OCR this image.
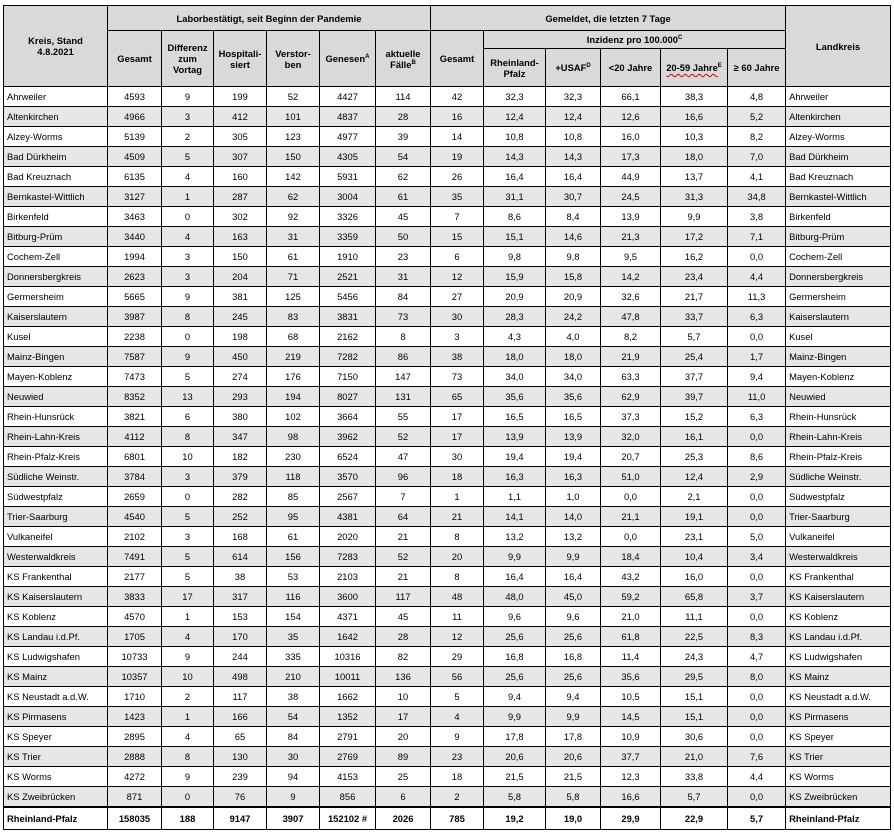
Kreis, Stand
4.8.2021	Laborbestätigt, seit Beginn der Pandemie						Gemeldet, die letzten 7 Tage						Landkreis
	Gesamt	Differenz zum Vortag	Hospitali-siert	Verstor-ben	Genesen$^A$	aktuelle Fälle$^B$	Gesamt	Inzidenz pro $100.000^C$
								Rheinland-Pfalz	$+USAF^D$	<20 Jahre	20-59 Jahre$^E$	≥ 60 Jahre	
Ahrweiler	4593	9	199	52	4427	114	42	32,3	32,3	66,1	38,3	4,8	Ahrweiler
Altenkirchen	4966	3	412	101	4837	28	16	12,4	12,4	12,6	16,6	5,2	Altenkirchen
Alzey-Worms	5139	2	305	123	4977	39	14	10,8	10,8	16,0	10,3	8,2	Alzey-Worms
Bad Dürkheim	4509	5	307	150	4305	54	19	14,3	14,3	17,3	18,0	7,0	Bad Dürkheim
Bad Kreuznach	6135	4	160	142	5931	62	26	16,4	16,4	44,9	13,7	4,1	Bad Kreuznach
Bernkastel-Wittlich	3127	1	287	62	3004	61	35	31,1	30,7	24,5	31,3	34,8	Bernkastel-Wittlich
Birkenfeld	3463	0	302	92	3326	45	7	8,6	8,4	13,9	9,9	3,8	Birkenfeld
Bitburg-Prüm	3440	4	163	31	3359	50	15	15,1	14,6	21,3	17,2	7,1	Bitburg-Prüm
Cochem-Zell	1994	3	150	61	1910	23	6	9,8	9,8	9,5	16,2	0,0	Cochem-Zell
Donnersbergkreis	2623	3	204	71	2521	31	12	15,9	15,8	14,2	23,4	4,4	Donnersbergkreis
Germersheim	5665	9	381	125	5456	84	27	20,9	20,9	32,6	21,7	11,3	Germersheim
Kaiserslautern	3987	8	245	83	3831	73	30	28,3	24,2	47,8	33,7	6,3	Kaiserslautern
Kusel	2238	0	198	68	2162	8	3	4,3	4,0	8,2	5,7	0,0	Kusel
Mainz-Bingen	7587	9	450	219	7282	86	38	18,0	18,0	21,9	25,4	1,7	Mainz-Bingen
Mayen-Koblenz	7473	5	274	176	7150	147	73	34,0	34,0	63,3	37,7	9,4	Mayen-Koblenz
Neuwied	8352	13	293	194	8027	131	65	35,6	35,6	62,9	39,7	11,0	Neuwied
Rhein-Hunsrück	3821	6	380	102	3664	55	17	16,5	16,5	37,3	15,2	6,3	Rhein-Hunsrück
Rhein-Lahn-Kreis	4112	8	347	98	3962	52	17	13,9	13,9	32,0	16,1	0,0	Rhein-Lahn-Kreis
Rhein-Pfalz-Kreis	6801	10	182	230	6524	47	30	19,4	19,4	20,7	25,3	8,6	Rhein-Pfalz-Kreis
Südliche Weinstr.	3784	3	379	118	3570	96	18	16,3	16,3	51,0	12,4	2,9	Südliche Weinstr.
Südwestpfalz	2659	0	282	85	2567	7	1	1,1	1,0	0,0	2,1	0,0	Südwestpfalz
Trier-Saarburg	4540	5	252	95	4381	64	21	14,1	14,0	21,1	19,1	0,0	Trier-Saarburg
Vulkaneifel	2102	3	168	61	2020	21	8	13,2	13,2	0,0	23,1	5,0	Vulkaneifel
Westerwaldkreis	7491	5	614	156	7283	52	20	9,9	9,9	18,4	10,4	3,4	Westerwaldkreis
KS Frankenthal	2177	5	38	53	2103	21	8	16,4	16,4	43,2	16,0	0,0	KS Frankenthal
KS Kaiserslautern	3833	17	317	116	3600	117	48	48,0	45,0	59,2	65,8	3,7	KS Kaiserslautern
KS Koblenz	4570	1	153	154	4371	45	11	9,6	9,6	21,0	11,1	0,0	KS Koblenz
KS Landau i.d.Pf.	1705	4	170	35	1642	28	12	25,6	25,6	61,8	22,5	8,3	KS Landau i.d.Pf.
KS Ludwigshafen	10733	9	244	335	10316	82	29	16,8	16,8	11,4	24,3	4,7	KS Ludwigshafen
KS Mainz	10357	10	498	210	10011	136	56	25,6	25,6	35,6	29,5	8,0	KS Mainz
KS Neustadt a.d.W.	1710	2	117	38	1662	10	5	9,4	9,4	10,5	15,1	0,0	KS Neustadt a.d.W.
KS Pirmasens	1423	1	166	54	1352	17	4	9,9	9,9	14,5	15,1	0,0	KS Pirmasens
KS Speyer	2895	4	65	84	2791	20	9	17,8	17,8	10,9	30,6	0,0	KS Speyer
KS Trier	2888	8	130	30	2769	89	23	20,6	20,6	37,7	21,0	7,6	KS Trier
KS Worms	4272	9	239	94	4153	25	18	21,5	21,5	12,3	33,8	4,4	KS Worms
KS Zweibrücken	871	0	76	9	856	6	2	5,8	5,8	16,6	5,7	0,0	KS Zweibrücken
Rheinland-Pfalz	158035	188	9147	3907	152102 #	2026	785	19,2	19,0	29,9	22,9	5,7	Rheinland-Pfalz
